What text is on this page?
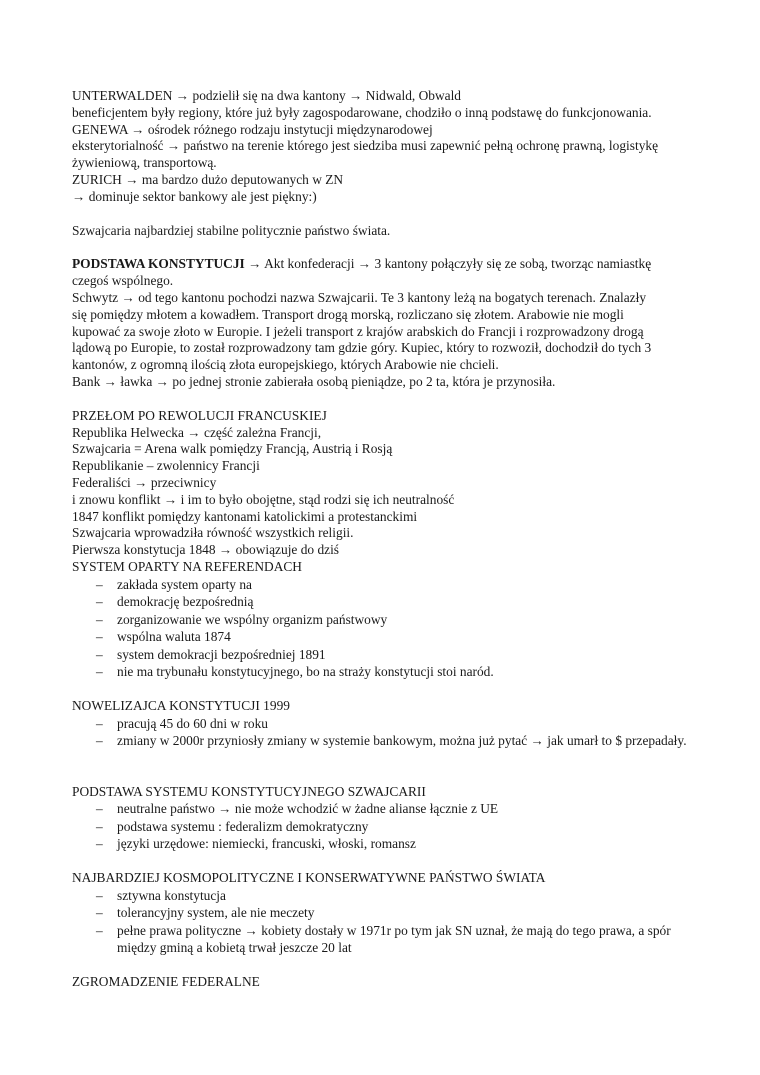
UNTERWALDEN → podzielił się na dwa kantony → Nidwald, Obwald
beneficjentem były regiony, które już były zagospodarowane, chodziło o inną podstawę do funkcjonowania.
GENEWA → ośrodek różnego rodzaju instytucji międzynarodowej
eksterytorialność → państwo na terenie którego jest siedziba musi zapewnić pełną ochronę prawną, logistykę
żywieniową, transportową.
ZURICH → ma bardzo dużo deputowanych w ZN
→ dominuje sektor bankowy ale jest piękny:)
Szwajcaria najbardziej stabilne politycznie państwo świata.
PODSTAWA KONSTYTUCJI → Akt konfederacji → 3 kantony połączyły się ze sobą, tworząc namiastkę
czegoś wspólnego.
Schwytz → od tego kantonu pochodzi nazwa Szwajcarii. Te 3 kantony leżą na bogatych terenach. Znalazły
się pomiędzy młotem a kowadłem. Transport drogą morską, rozliczano się złotem. Arabowie nie mogli
kupować za swoje złoto w Europie. I jeżeli transport z krajów arabskich do Francji i rozprowadzony drogą
lądową po Europie, to został rozprowadzony tam gdzie góry. Kupiec, który to rozwoził, dochodził do tych 3
kantonów, z ogromną ilością złota europejskiego, których Arabowie nie chcieli.
Bank → ławka → po jednej stronie zabierała osobą pieniądze, po 2 ta, która je przynosiła.
PRZEŁOM PO REWOLUCJI FRANCUSKIEJ
Republika Helwecka → część zależna Francji,
Szwajcaria = Arena walk pomiędzy Francją, Austrią i Rosją
Republikanie – zwolennicy Francji
Federaliści → przeciwnicy
i znowu konflikt → i im to było obojętne, stąd rodzi się ich neutralność
1847 konflikt pomiędzy kantonami katolickimi a protestanckimi
Szwajcaria wprowadziła równość wszystkich religii.
Pierwsza konstytucja 1848 → obowiązuje do dziś
SYSTEM OPARTY NA REFERENDACH
– zakłada system oparty na
– demokrację bezpośrednią
– zorganizowanie we wspólny organizm państwowy
– wspólna waluta 1874
– system demokracji bezpośredniej 1891
– nie ma trybunału konstytucyjnego, bo na straży konstytucji stoi naród.
NOWELIZAJCA KONSTYTUCJI 1999
– pracują 45 do 60 dni w roku
– zmiany w 2000r przyniosły zmiany w systemie bankowym, można już pytać → jak umarł to $ przepadały.
PODSTAWA SYSTEMU KONSTYTUCYJNEGO SZWAJCARII
– neutralne państwo → nie może wchodzić w żadne alianse łącznie z UE
– podstawa systemu : federalizm demokratyczny
– języki urzędowe: niemiecki, francuski, włoski, romansz
NAJBARDZIEJ KOSMOPOLITYCZNE I KONSERWATYWNE PAŃSTWO ŚWIATA
– sztywna konstytucja
– tolerancyjny system, ale nie meczety
– pełne prawa polityczne → kobiety dostały w 1971r po tym jak SN uznał, że mają do tego prawa, a spór między gminą a kobietą trwał jeszcze 20 lat
ZGROMADZENIE FEDERALNE
